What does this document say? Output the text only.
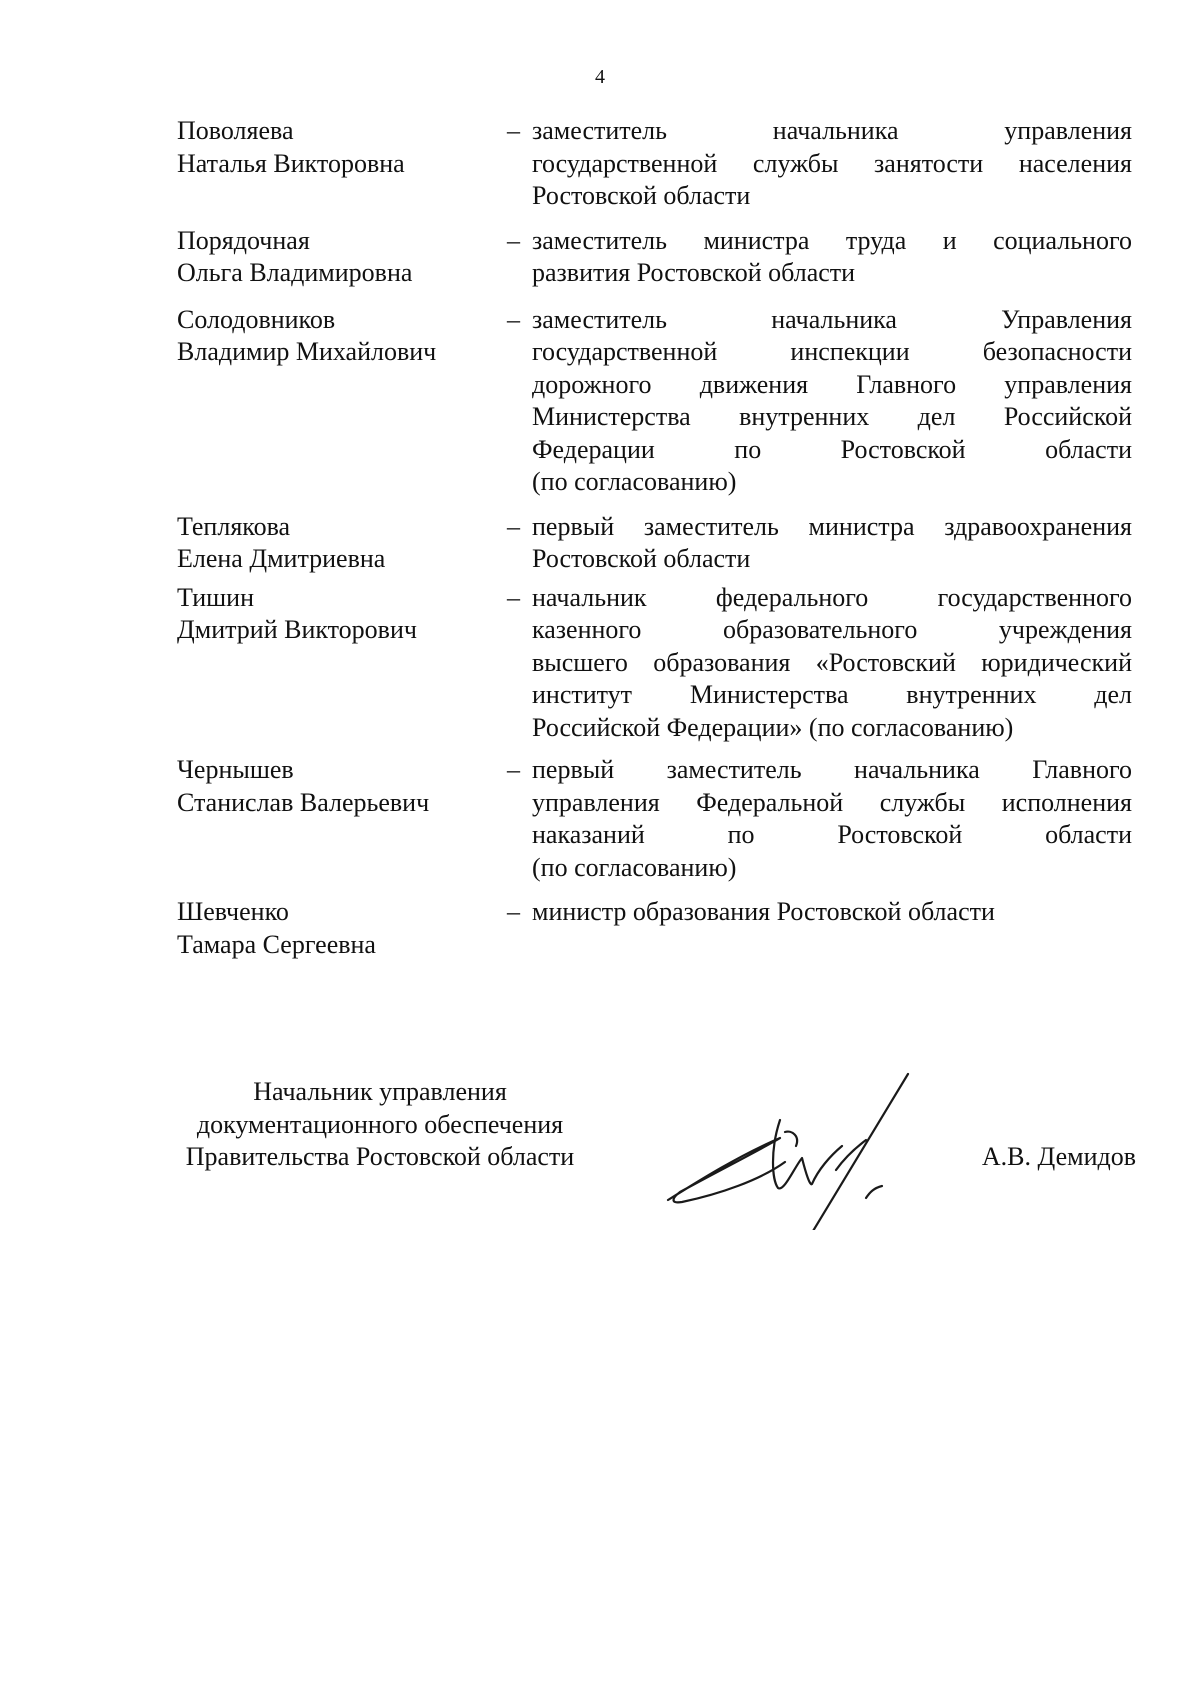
4
Поволяева
Наталья Викторовна
– заместитель начальника управления
государственной службы занятости населения
Ростовской области
Порядочная
Ольга Владимировна
– заместитель министра труда и социального
развития Ростовской области
Солодовников
Владимир Михайлович
– заместитель начальника Управления
государственной инспекции безопасности
дорожного движения Главного управления
Министерства внутренних дел Российской
Федерации по Ростовской области
(по согласованию)
Теплякова
Елена Дмитриевна
– первый заместитель министра здравоохранения
Ростовской области
Тишин
Дмитрий Викторович
– начальник федерального государственного
казенного образовательного учреждения
высшего образования «Ростовский юридический
институт Министерства внутренних дел
Российской Федерации» (по согласованию)
Чернышев
Станислав Валерьевич
– первый заместитель начальника Главного
управления Федеральной службы исполнения
наказаний по Ростовской области
(по согласованию)
Шевченко
Тамара Сергеевна
– министр образования Ростовской области
Начальник управления
документационного обеспечения
Правительства Ростовской области	А.В. Демидов
